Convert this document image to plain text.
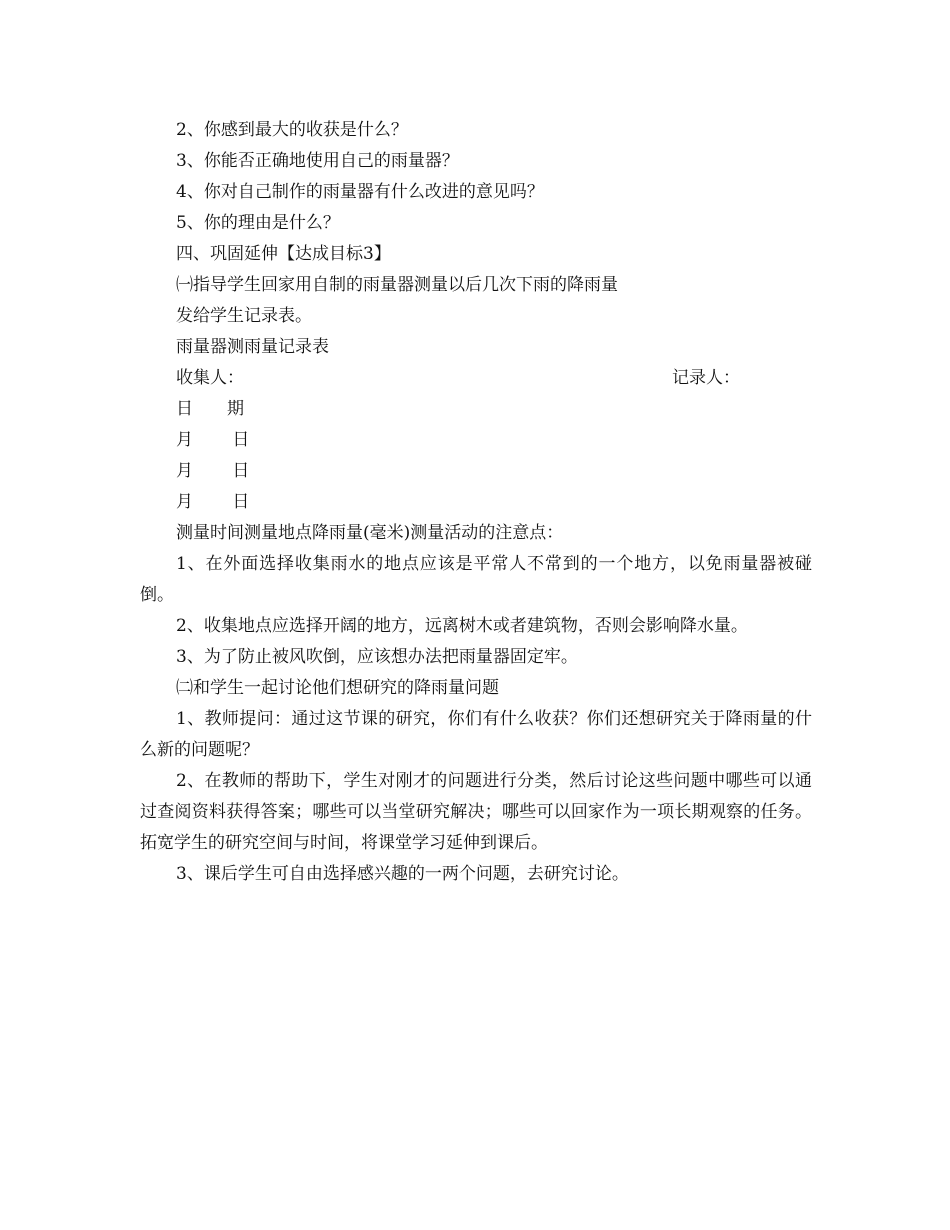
2、你感到最大的收获是什么？
3、你能否正确地使用自己的雨量器？
4、你对自己制作的雨量器有什么改进的意见吗？
5、你的理由是什么？
四、巩固延伸【达成目标3】
㈠指导学生回家用自制的雨量器测量以后几次下雨的降雨量
发给学生记录表。
雨量器测雨量记录表
收集人：	记录人：
日　　期
月　　 日
月　　 日
月　　 日
测量时间测量地点降雨量(毫米)测量活动的注意点：
1、在外面选择收集雨水的地点应该是平常人不常到的一个地方，以免雨量器被碰倒。
2、收集地点应选择开阔的地方，远离树木或者建筑物，否则会影响降水量。
3、为了防止被风吹倒，应该想办法把雨量器固定牢。
㈡和学生一起讨论他们想研究的降雨量问题
1、教师提问：通过这节课的研究，你们有什么收获？你们还想研究关于降雨量的什么新的问题呢？
2、在教师的帮助下，学生对刚才的问题进行分类，然后讨论这些问题中哪些可以通过查阅资料获得答案；哪些可以当堂研究解决；哪些可以回家作为一项长期观察的任务。拓宽学生的研究空间与时间，将课堂学习延伸到课后。
3、课后学生可自由选择感兴趣的一两个问题，去研究讨论。
